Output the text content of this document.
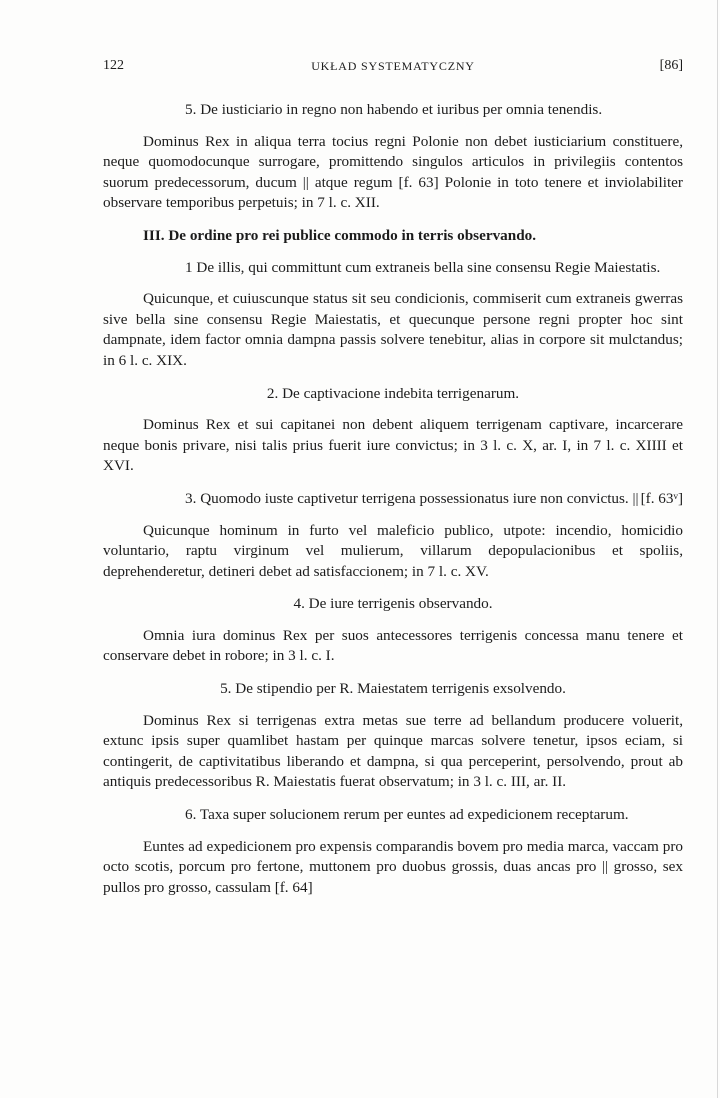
122	UKŁAD SYSTEMATYCZNY	[86]

5. De iusticiario in regno non habendo et iuribus per omnia tenendis.

Dominus Rex in aliqua terra tocius regni Polonie non debet iusticiarium constituere, neque quomodocunque surrogare, promittendo singulos articulos in privilegiis contentos suorum predecessorum, ducum || atque regum [f. 63] Polonie in toto tenere et inviolabiliter observare temporibus perpetuis; in 7 l. c. XII.

III. De ordine pro rei publice commodo in terris observando.

1 De illis, qui committunt cum extraneis bella sine consensu Regie Maiestatis.

Quicunque, et cuiuscunque status sit seu condicionis, commiserit cum extraneis gwerras sive bella sine consensu Regie Maiestatis, et quecunque persone regni propter hoc sint dampnate, idem factor omnia dampna passis solvere tenebitur, alias in corpore sit mulctandus; in 6 l. c. XIX.

2. De captivacione indebita terrigenarum.

Dominus Rex et sui capitanei non debent aliquem terrigenam captivare, incarcerare neque bonis privare, nisi talis prius fuerit iure convictus; in 3 l. c. X, ar. I, in 7 l. c. XIIII et XVI.

3. Quomodo iuste captivetur terrigena possessionatus iure non convictus. || [f. 63ᵛ]

Quicunque hominum in furto vel maleficio publico, utpote: incendio, homicidio voluntario, raptu virginum vel mulierum, villarum depopulacionibus et spoliis, deprehenderetur, detineri debet ad satisfaccionem; in 7 l. c. XV.

4. De iure terrigenis observando.

Omnia iura dominus Rex per suos antecessores terrigenis concessa manu tenere et conservare debet in robore; in 3 l. c. I.

5. De stipendio per R. Maiestatem terrigenis exsolvendo.

Dominus Rex si terrigenas extra metas sue terre ad bellandum producere voluerit, extunc ipsis super quamlibet hastam per quinque marcas solvere tenetur, ipsos eciam, si contingerit, de captivitatibus liberando et dampna, si qua perceperint, persolvendo, prout ab antiquis predecessoribus R. Maiestatis fuerat observatum; in 3 l. c. III, ar. II.

6. Taxa super solucionem rerum per euntes ad expedicionem receptarum.

Euntes ad expedicionem pro expensis comparandis bovem pro media marca, vaccam pro octo scotis, porcum pro fertone, muttonem pro duobus grossis, duas ancas pro || grosso, sex pullos pro grosso, cassulam [f. 64]
